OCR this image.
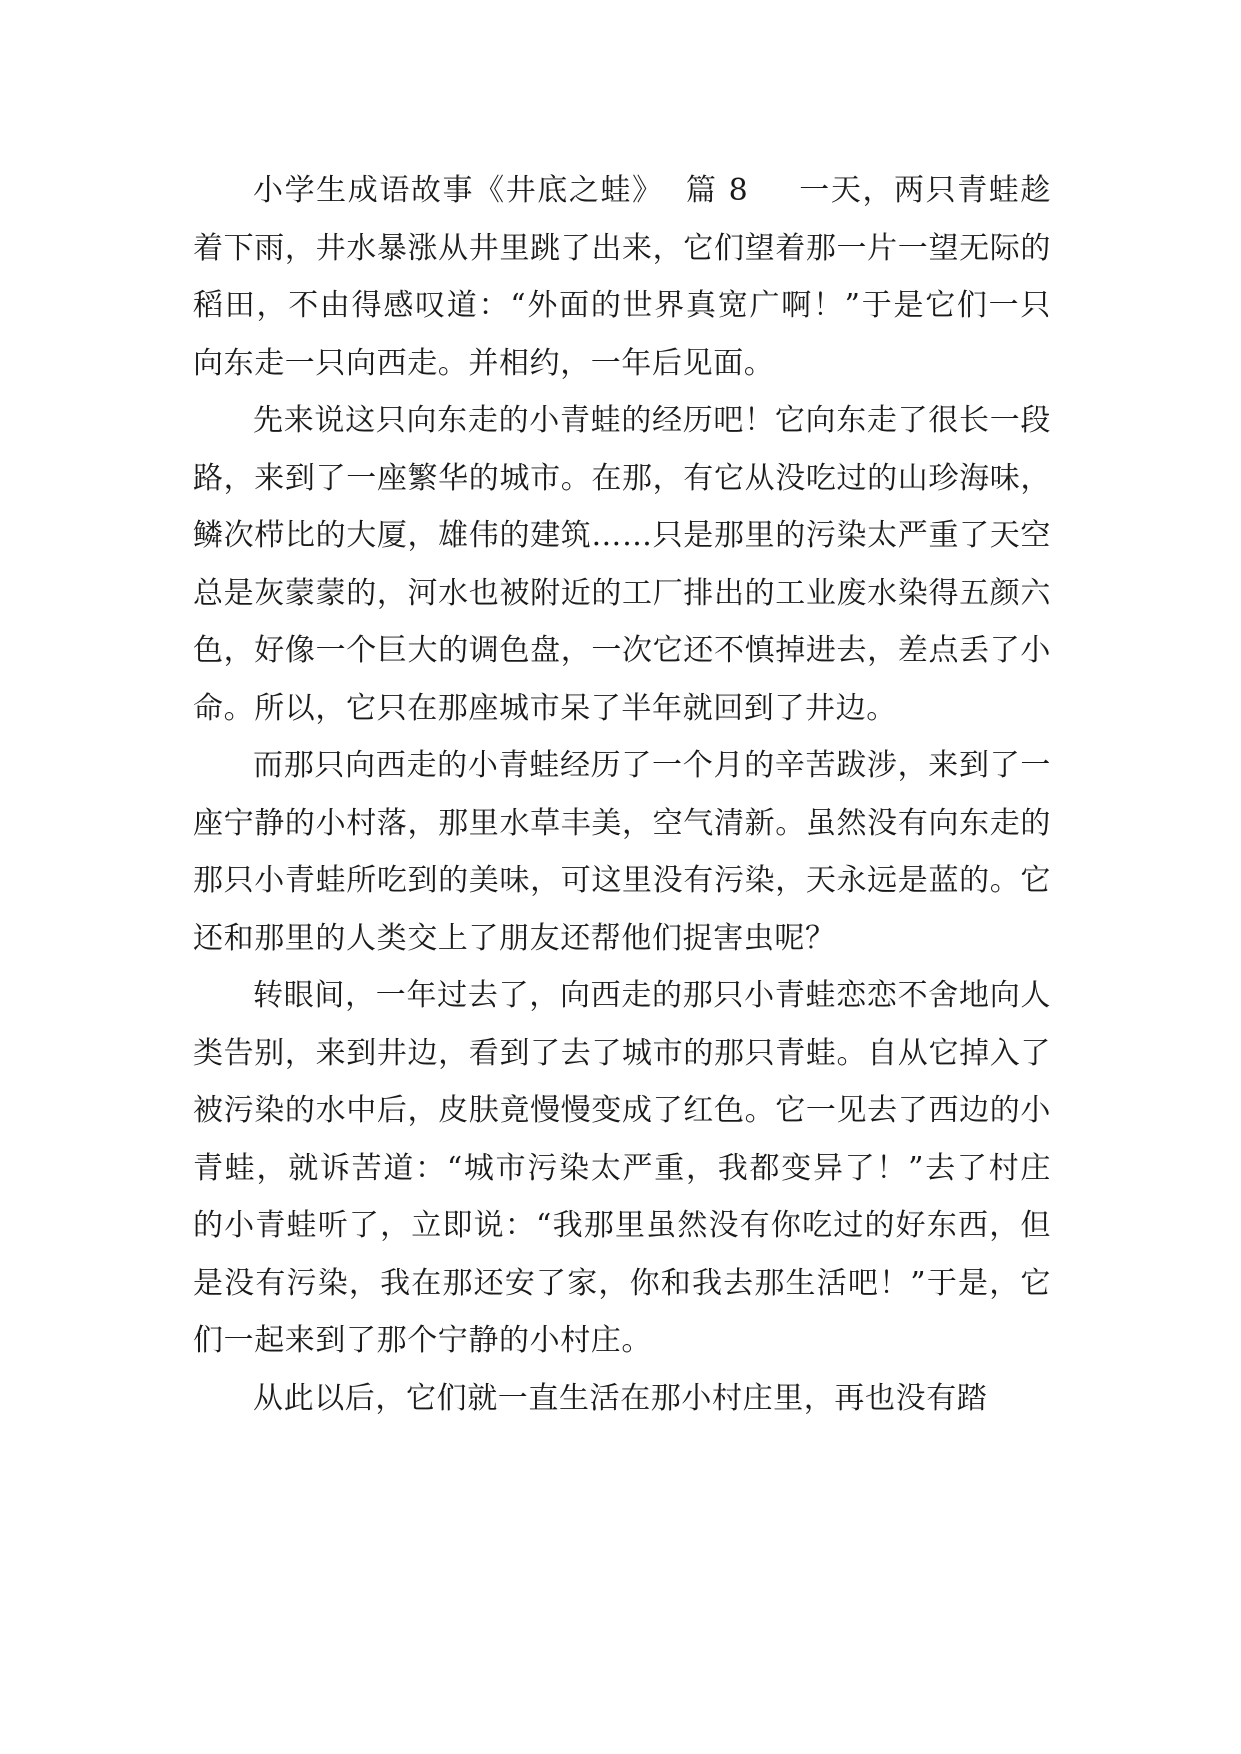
小学生成语故事《井底之蛙》 篇 8 一天，两只青蛙趁着下雨，井水暴涨从井里跳了出来，它们望着那一片一望无际的稻田，不由得感叹道：“外面的世界真宽广啊！”于是它们一只向东走一只向西走。并相约，一年后见面。

先来说这只向东走的小青蛙的经历吧！它向东走了很长一段路，来到了一座繁华的城市。在那，有它从没吃过的山珍海味，鳞次栉比的大厦，雄伟的建筑……只是那里的污染太严重了天空总是灰蒙蒙的，河水也被附近的工厂排出的工业废水染得五颜六色，好像一个巨大的调色盘，一次它还不慎掉进去，差点丢了小命。所以，它只在那座城市呆了半年就回到了井边。

而那只向西走的小青蛙经历了一个月的辛苦跋涉，来到了一座宁静的小村落，那里水草丰美，空气清新。虽然没有向东走的那只小青蛙所吃到的美味，可这里没有污染，天永远是蓝的。它还和那里的人类交上了朋友还帮他们捉害虫呢？

转眼间，一年过去了，向西走的那只小青蛙恋恋不舍地向人类告别，来到井边，看到了去了城市的那只青蛙。自从它掉入了被污染的水中后，皮肤竟慢慢变成了红色。它一见去了西边的小青蛙，就诉苦道：“城市污染太严重，我都变异了！”去了村庄的小青蛙听了，立即说：“我那里虽然没有你吃过的好东西，但是没有污染，我在那还安了家，你和我去那生活吧！”于是，它们一起来到了那个宁静的小村庄。

从此以后，它们就一直生活在那小村庄里，再也没有踏
